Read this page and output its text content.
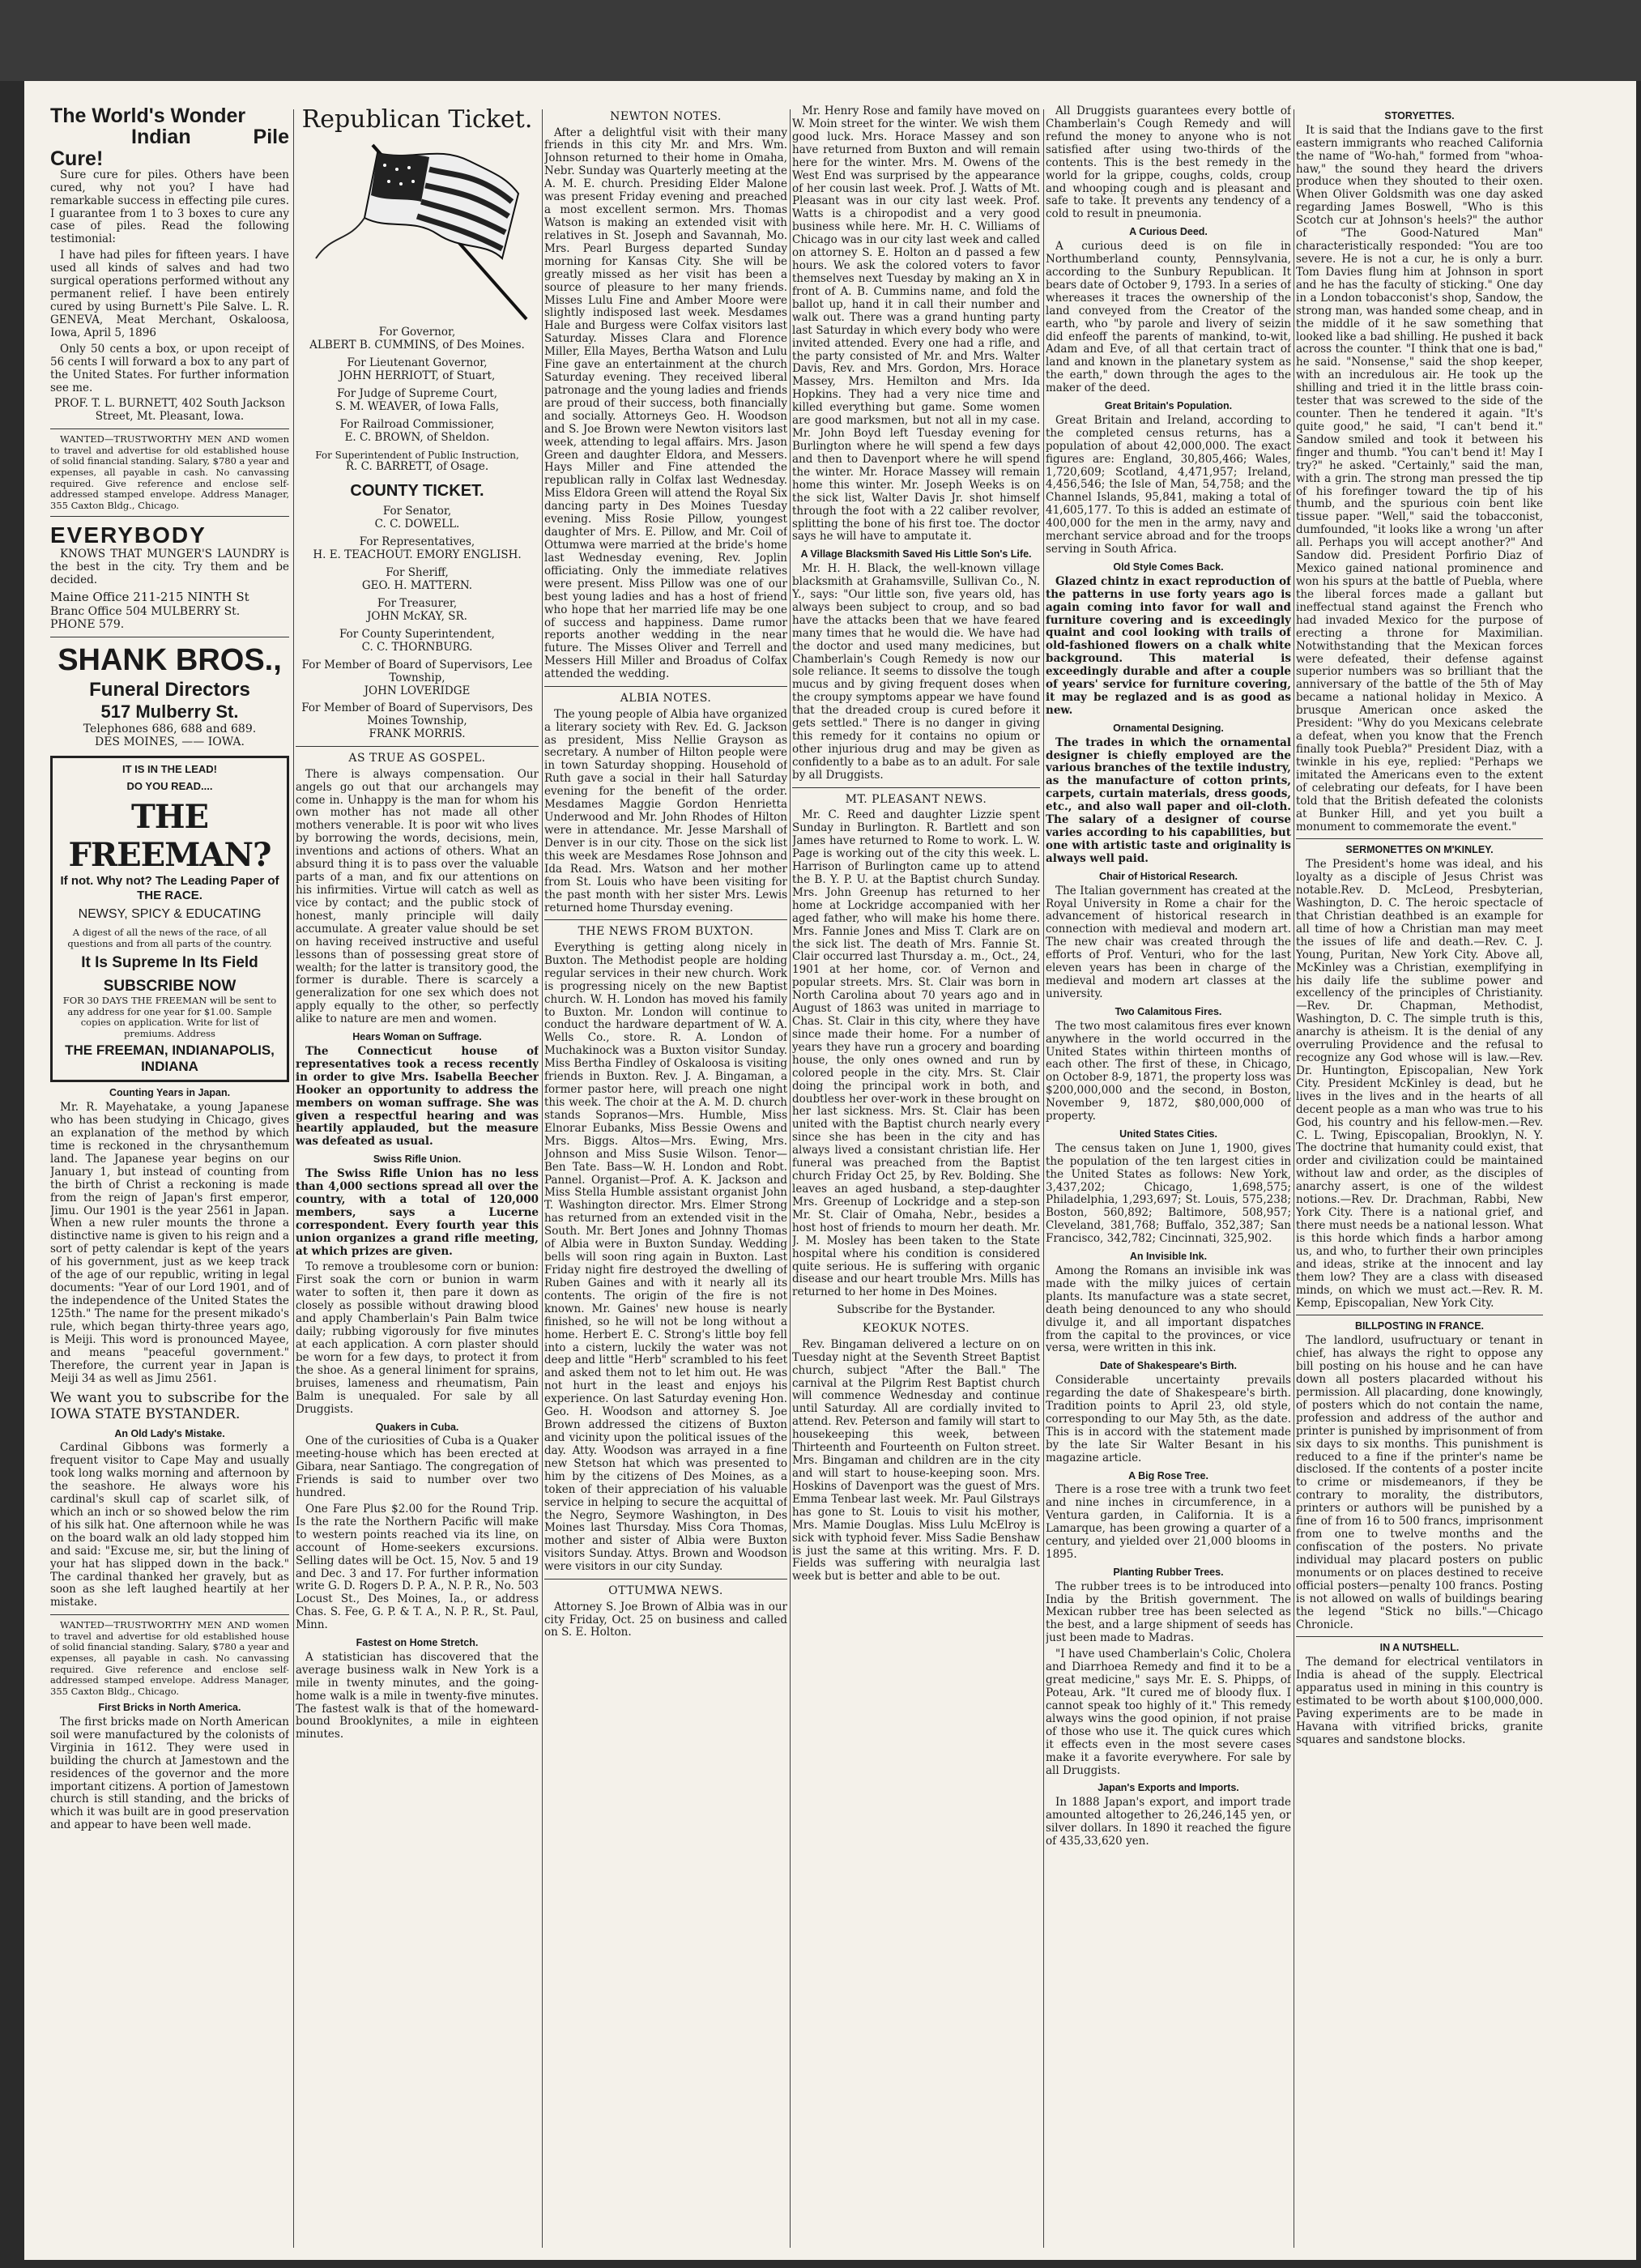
The World's Wonder
Indian Pile Cure!

Sure cure for piles. Others have been cured, why not you? I have had remarkable success in effecting pile cures. I guarantee from 1 to 3 boxes to cure any case of piles. Read the following testimonial:

I have had piles for fifteen years. I have used all kinds of salves and had two surgical operations performed without any permanent relief. I have been entirely cured by using Burnett's Pile Salve. L. R. GENEVA, Meat Merchant, Oskaloosa, Iowa, April 5, 1896

Only 50 cents a box, or upon receipt of 56 cents I will forward a box to any part of the United States. For further information see me.

PROF. T. L. BURNETT, 402 South Jackson Street, Mt. Pleasant, Iowa.

WANTED—TRUSTWORTHY MEN AND women to travel and advertise for old established house of solid financial standing. Salary, $780 a year and expenses, all payable in cash. No canvassing required. Give reference and enclose self-addressed stamped envelope. Address Manager, 355 Caxton Bldg., Chicago.

EVERYBODY

KNOWS THAT MUNGER'S LAUNDRY is the best in the city. Try them and be decided.

Maine Office 211-215 NINTH St
Branc Office 504 MULBERRY St.
PHONE 579.
SHANK BROS.,
Funeral Directors
517 Mulberry St.
Telephones 686, 688 and 689.
DES MOINES, —— IOWA.
IT IS IN THE LEAD!
DO YOU READ....
THE FREEMAN?
If not. Why not? The Leading Paper of THE RACE.
NEWSY, SPICY & EDUCATING
A digest of all the news of the race, of all questions and from all parts of the country.
It Is Supreme In Its Field
SUBSCRIBE NOW
FOR 30 DAYS THE FREEMAN will be sent to any address for one year for $1.00. Sample copies on application. Write for list of premiums. Address
THE FREEMAN, INDIANAPOLIS, INDIANA
Counting Years in Japan.

Mr. R. Mayehatake, a young Japanese who has been studying in Chicago, gives an explanation of the method by which time is reckoned in the chrysanthemum land. The Japanese year begins on our January 1, but instead of counting from the birth of Christ a reckoning is made from the reign of Japan's first emperor, Jimu. Our 1901 is the year 2561 in Japan. When a new ruler mounts the throne a distinctive name is given to his reign and a sort of petty calendar is kept of the years of his government, just as we keep track of the age of our republic, writing in legal documents: "Year of our Lord 1901, and of the independence of the United States the 125th." The name for the present mikado's rule, which began thirty-three years ago, is Meiji. This word is pronounced Mayee, and means "peaceful government." Therefore, the current year in Japan is Meiji 34 as well as Jimu 2561.

We want you to subscribe for the IOWA STATE BYSTANDER.
An Old Lady's Mistake.

Cardinal Gibbons was formerly a frequent visitor to Cape May and usually took long walks morning and afternoon by the seashore. He always wore his cardinal's skull cap of scarlet silk, of which an inch or so showed below the rim of his silk hat. One afternoon while he was on the board walk an old lady stopped him and said: "Excuse me, sir, but the lining of your hat has slipped down in the back." The cardinal thanked her gravely, but as soon as she left laughed heartily at her mistake.

WANTED—TRUSTWORTHY MEN AND women to travel and advertise for old established house of solid financial standing. Salary, $780 a year and expenses, all payable in cash. No canvassing required. Give reference and enclose self-addressed stamped envelope. Address Manager, 355 Caxton Bldg., Chicago.

First Bricks in North America.

The first bricks made on North American soil were manufactured by the colonists of Virginia in 1612. They were used in building the church at Jamestown and the residences of the governor and the more important citizens. A portion of Jamestown church is still standing, and the bricks of which it was built are in good preservation and appear to have been well made.

Republican Ticket.
For Governor,
ALBERT B. CUMMINS, of Des Moines.
For Lieutenant Governor,
JOHN HERRIOTT, of Stuart,
For Judge of Supreme Court,
S. M. WEAVER, of Iowa Falls,
For Railroad Commissioner,
E. C. BROWN, of Sheldon.
For Superintendent of Public Instruction,
R. C. BARRETT, of Osage.
COUNTY TICKET.
For Senator,
C. C. DOWELL.
For Representatives,
H. E. TEACHOUT. EMORY ENGLISH.
For Sheriff,
GEO. H. MATTERN.
For Treasurer,
JOHN McKAY, SR.
For County Superintendent,
C. C. THORNBURG.
For Member of Board of Supervisors, Lee Township,
JOHN LOVERIDGE
For Member of Board of Supervisors, Des Moines Township,
FRANK MORRIS.
AS TRUE AS GOSPEL.

There is always compensation. Our angels go out that our archangels may come in. Unhappy is the man for whom his own mother has not made all other mothers venerable. It is poor wit who lives by borrowing the words, decisions, mein, inventions and actions of others. What an absurd thing it is to pass over the valuable parts of a man, and fix our attentions on his infirmities. Virtue will catch as well as vice by contact; and the public stock of honest, manly principle will daily accumulate. A greater value should be set on having received instructive and useful lessons than of possessing great store of wealth; for the latter is transitory good, the former is durable. There is scarcely a generalization for one sex which does not apply equally to the other, so perfectly alike to nature are men and women.

Hears Woman on Suffrage.

The Connecticut house of representatives took a recess recently in order to give Mrs. Isabella Beecher Hooker an opportunity to address the members on woman suffrage. She was given a respectful hearing and was heartily applauded, but the measure was defeated as usual.

Swiss Rifle Union.

The Swiss Rifle Union has no less than 4,000 sections spread all over the country, with a total of 120,000 members, says a Lucerne correspondent. Every fourth year this union organizes a grand rifle meeting, at which prizes are given.

To remove a troublesome corn or bunion: First soak the corn or bunion in warm water to soften it, then pare it down as closely as possible without drawing blood and apply Chamberlain's Pain Balm twice daily; rubbing vigorously for five minutes at each application. A corn plaster should be worn for a few days, to protect it from the shoe. As a general liniment for sprains, bruises, lameness and rheumatism, Pain Balm is unequaled. For sale by all Druggists.

Quakers in Cuba.

One of the curiosities of Cuba is a Quaker meeting-house which has been erected at Gibara, near Santiago. The congregation of Friends is said to number over two hundred.

One Fare Plus $2.00 for the Round Trip. Is the rate the Northern Pacific will make to western points reached via its line, on account of Home-seekers excursions. Selling dates will be Oct. 15, Nov. 5 and 19 and Dec. 3 and 17. For further information write G. D. Rogers D. P. A., N. P. R., No. 503 Locust St., Des Moines, Ia., or address Chas. S. Fee, G. P. & T. A., N. P. R., St. Paul, Minn.

Fastest on Home Stretch.

A statistician has discovered that the average business walk in New York is a mile in twenty minutes, and the going-home walk is a mile in twenty-five minutes. The fastest walk is that of the homeward-bound Brooklynites, a mile in eighteen minutes.

NEWTON NOTES.

After a delightful visit with their many friends in this city Mr. and Mrs. Wm. Johnson returned to their home in Omaha, Nebr. Sunday was Quarterly meeting at the A. M. E. church. Presiding Elder Malone was present Friday evening and preached a most excellent sermon. Mrs. Thomas Watson is making an extended visit with relatives in St. Joseph and Savannah, Mo. Mrs. Pearl Burgess departed Sunday morning for Kansas City. She will be greatly missed as her visit has been a source of pleasure to her many friends. Misses Lulu Fine and Amber Moore were slightly indisposed last week. Mesdames Hale and Burgess were Colfax visitors last Saturday. Misses Clara and Florence Miller, Ella Mayes, Bertha Watson and Lulu Fine gave an entertainment at the church Saturday evening. They received liberal patronage and the young ladies and friends are proud of their success, both financially and socially. Attorneys Geo. H. Woodson and S. Joe Brown were Newton visitors last week, attending to legal affairs. Mrs. Jason Green and daughter Eldora, and Messers. Hays Miller and Fine attended the republican rally in Colfax last Wednesday. Miss Eldora Green will attend the Royal Six dancing party in Des Moines Tuesday evening. Miss Rosie Pillow, youngest daughter of Mrs. E. Pillow, and Mr. Coil of Ottumwa were married at the bride's home last Wednesday evening, Rev. Joplin officiating. Only the immediate relatives were present. Miss Pillow was one of our best young ladies and has a host of friend who hope that her married life may be one of success and happiness. Dame rumor reports another wedding in the near future. The Misses Oliver and Terrell and Messers Hill Miller and Broadus of Colfax attended the wedding.

ALBIA NOTES.

The young people of Albia have organized a literary society with Rev. Ed. G. Jackson as president, Miss Nellie Grayson as secretary. A number of Hilton people were in town Saturday shopping. Household of Ruth gave a social in their hall Saturday evening for the benefit of the order. Mesdames Maggie Gordon Henrietta Underwood and Mr. John Rhodes of Hilton were in attendance. Mr. Jesse Marshall of Denver is in our city. Those on the sick list this week are Mesdames Rose Johnson and Ida Read. Mrs. Watson and her mother from St. Louis who have been visiting for the past month with her sister Mrs. Lewis returned home Thursday evening.

THE NEWS FROM BUXTON.

Everything is getting along nicely in Buxton. The Methodist people are holding regular services in their new church. Work is progressing nicely on the new Baptist church. W. H. London has moved his family to Buxton. Mr. London will continue to conduct the hardware department of W. A. Wells Co., store. R. A. London of Muchakinock was a Buxton visitor Sunday. Miss Bertha Findley of Oskaloosa is visiting friends in Buxton. Rev. J. A. Bingaman, a former pastor here, will preach one night this week. The choir at the A. M. D. church stands Sopranos—Mrs. Humble, Miss Elnorar Eubanks, Miss Bessie Owens and Mrs. Biggs. Altos—Mrs. Ewing, Mrs. Johnson and Miss Susie Wilson. Tenor—Ben Tate. Bass—W. H. London and Robt. Pannel. Organist—Prof. A. K. Jackson and Miss Stella Humble assistant organist John T. Washington director. Mrs. Elmer Strong has returned from an extended visit in the South. Mr. Bert Jones and Johnny Thomas of Albia were in Buxton Sunday. Wedding bells will soon ring again in Buxton. Last Friday night fire destroyed the dwelling of Ruben Gaines and with it nearly all its contents. The origin of the fire is not known. Mr. Gaines' new house is nearly finished, so he will not be long without a home. Herbert E. C. Strong's little boy fell into a cistern, luckily the water was not deep and little "Herb" scrambled to his feet and asked them not to let him out. He was not hurt in the least and enjoys his experience. On last Saturday evening Hon. Geo. H. Woodson and attorney S. Joe Brown addressed the citizens of Buxton and vicinity upon the political issues of the day. Atty. Woodson was arrayed in a fine new Stetson hat which was presented to him by the citizens of Des Moines, as a token of their appreciation of his valuable service in helping to secure the acquittal of the Negro, Seymore Washington, in Des Moines last Thursday. Miss Cora Thomas, mother and sister of Albia were Buxton visitors Sunday. Attys. Brown and Woodson were visitors in our city Sunday.

OTTUMWA NEWS.

Attorney S. Joe Brown of Albia was in our city Friday, Oct. 25 on business and called on S. E. Holton.

Mr. Henry Rose and family have moved on W. Moin street for the winter. We wish them good luck. Mrs. Horace Massey and son have returned from Buxton and will remain here for the winter. Mrs. M. Owens of the West End was surprised by the appearance of her cousin last week. Prof. J. Watts of Mt. Pleasant was in our city last week. Prof. Watts is a chiropodist and a very good business while here. Mr. H. C. Williams of Chicago was in our city last week and called on attorney S. E. Holton an d passed a few hours. We ask the colored voters to favor themselves next Tuesday by making an X in front of A. B. Cummins name, and fold the ballot up, hand it in call their number and walk out. There was a grand hunting party last Saturday in which every body who were invited attended. Every one had a rifle, and the party consisted of Mr. and Mrs. Walter Davis, Rev. and Mrs. Gordon, Mrs. Horace Massey, Mrs. Hemilton and Mrs. Ida Hopkins. They had a very nice time and killed everything but game. Some women are good marksmen, but not all in my case. Mr. John Boyd left Tuesday evening for Burlington where he will spend a few days and then to Davenport where he will spend the winter. Mr. Horace Massey will remain home this winter. Mr. Joseph Weeks is on the sick list, Walter Davis Jr. shot himself through the foot with a 22 caliber revolver, splitting the bone of his first toe. The doctor says he will have to amputate it.

A Village Blacksmith Saved His Little Son's Life.

Mr. H. H. Black, the well-known village blacksmith at Grahamsville, Sullivan Co., N. Y., says: "Our little son, five years old, has always been subject to croup, and so bad have the attacks been that we have feared many times that he would die. We have had the doctor and used many medicines, but Chamberlain's Cough Remedy is now our sole reliance. It seems to dissolve the tough mucus and by giving frequent doses when the croupy symptoms appear we have found that the dreaded croup is cured before it gets settled." There is no danger in giving this remedy for it contains no opium or other injurious drug and may be given as confidently to a babe as to an adult. For sale by all Druggists.

MT. PLEASANT NEWS.

Mr. C. Reed and daughter Lizzie spent Sunday in Burlington. R. Bartlett and son James have returned to Rome to work. L. W. Page is working out of the city this week. L. Harrison of Burlington came up to attend the B. Y. P. U. at the Baptist church Sunday. Mrs. John Greenup has returned to her home at Lockridge accompanied with her aged father, who will make his home there. Mrs. Fannie Jones and Miss T. Clark are on the sick list. The death of Mrs. Fannie St. Clair occurred last Thursday a. m., Oct., 24, 1901 at her home, cor. of Vernon and popular streets. Mrs. St. Clair was born in North Carolina about 70 years ago and in August of 1863 was united in marriage to Chas. St. Clair in this city, where they have since made their home. For a number of years they have run a grocery and boarding house, the only ones owned and run by colored people in the city. Mrs. St. Clair doing the principal work in both, and doubtless her over-work in these brought on her last sickness. Mrs. St. Clair has been united with the Baptist church nearly every since she has been in the city and has always lived a consistant christian life. Her funeral was preached from the Baptist church Friday Oct 25, by Rev. Bolding. She leaves an aged husband, a step-daughter Mrs. Greenup of Lockridge and a step-son Mr. St. Clair of Omaha, Nebr., besides a host host of friends to mourn her death. Mr. J. M. Mosley has been taken to the State hospital where his condition is considered quite serious. He is suffering with organic disease and our heart trouble Mrs. Mills has returned to her home in Des Moines.

Subscribe for the Bystander.
KEOKUK NOTES.

Rev. Bingaman delivered a lecture on on Tuesday night at the Seventh Street Baptist church, subject "After the Ball." The carnival at the Pilgrim Rest Baptist church will commence Wednesday and continue until Saturday. All are cordially invited to attend. Rev. Peterson and family will start to housekeeping this week, between Thirteenth and Fourteenth on Fulton street. Mrs. Bingaman and children are in the city and will start to house-keeping soon. Mrs. Hoskins of Davenport was the guest of Mrs. Emma Tenbear last week. Mr. Paul Gilstrays has gone to St. Louis to visit his mother, Mrs. Mamie Douglas. Miss Lulu McElroy is sick with typhoid fever. Miss Sadie Benshaw is just the same at this writing. Mrs. F. D. Fields was suffering with neuralgia last week but is better and able to be out.

All Druggists guarantees every bottle of Chamberlain's Cough Remedy and will refund the money to anyone who is not satisfied after using two-thirds of the contents. This is the best remedy in the world for la grippe, coughs, colds, croup and whooping cough and is pleasant and safe to take. It prevents any tendency of a cold to result in pneumonia.

A Curious Deed.

A curious deed is on file in Northumberland county, Pennsylvania, according to the Sunbury Republican. It bears date of October 9, 1793. In a series of whereases it traces the ownership of the land conveyed from the Creator of the earth, who "by parole and livery of seizin did enfeoff the parents of mankind, to-wit, Adam and Eve, of all that certain tract of land and known in the planetary system as the earth," down through the ages to the maker of the deed.

Great Britain's Population.

Great Britain and Ireland, according to the completed census returns, has a population of about 42,000,000. The exact figures are: England, 30,805,466; Wales, 1,720,609; Scotland, 4,471,957; Ireland, 4,456,546; the Isle of Man, 54,758; and the Channel Islands, 95,841, making a total of 41,605,177. To this is added an estimate of 400,000 for the men in the army, navy and merchant service abroad and for the troops serving in South Africa.

Old Style Comes Back.

Glazed chintz in exact reproduction of the patterns in use forty years ago is again coming into favor for wall and furniture covering and is exceedingly quaint and cool looking with trails of old-fashioned flowers on a chalk white background. This material is exceedingly durable and after a couple of years' service for furniture covering, it may be reglazed and is as good as new.

Ornamental Designing.

The trades in which the ornamental designer is chiefly employed are the various branches of the textile industry, as the manufacture of cotton prints, carpets, curtain materials, dress goods, etc., and also wall paper and oil-cloth. The salary of a designer of course varies according to his capabilities, but one with artistic taste and originality is always well paid.

Chair of Historical Research.

The Italian government has created at the Royal University in Rome a chair for the advancement of historical research in connection with medieval and modern art. The new chair was created through the efforts of Prof. Venturi, who for the last eleven years has been in charge of the medieval and modern art classes at the university.

Two Calamitous Fires.

The two most calamitous fires ever known anywhere in the world occurred in the United States within thirteen months of each other. The first of these, in Chicago, on October 8-9, 1871, the property loss was $200,000,000 and the second, in Boston, November 9, 1872, $80,000,000 of property.

United States Cities.

The census taken on June 1, 1900, gives the population of the ten largest cities in the United States as follows: New York, 3,437,202; Chicago, 1,698,575; Philadelphia, 1,293,697; St. Louis, 575,238; Boston, 560,892; Baltimore, 508,957; Cleveland, 381,768; Buffalo, 352,387; San Francisco, 342,782; Cincinnati, 325,902.

An Invisible Ink.

Among the Romans an invisible ink was made with the milky juices of certain plants. Its manufacture was a state secret, death being denounced to any who should divulge it, and all important dispatches from the capital to the provinces, or vice versa, were written in this ink.

Date of Shakespeare's Birth.

Considerable uncertainty prevails regarding the date of Shakespeare's birth. Tradition points to April 23, old style, corresponding to our May 5th, as the date. This is in accord with the statement made by the late Sir Walter Besant in his magazine article.

A Big Rose Tree.

There is a rose tree with a trunk two feet and nine inches in circumference, in a Ventura garden, in California. It is a Lamarque, has been growing a quarter of a century, and yielded over 21,000 blooms in 1895.

Planting Rubber Trees.

The rubber trees is to be introduced into India by the British government. The Mexican rubber tree has been selected as the best, and a large shipment of seeds has just been made to Madras.

"I have used Chamberlain's Colic, Cholera and Diarrhoea Remedy and find it to be a great medicine," says Mr. E. S. Phipps, of Poteau, Ark. "It cured me of bloody flux. I cannot speak too highly of it." This remedy always wins the good opinion, if not praise of those who use it. The quick cures which it effects even in the most severe cases make it a favorite everywhere. For sale by all Druggists.

Japan's Exports and Imports.

In 1888 Japan's export, and import trade amounted altogether to 26,246,145 yen, or silver dollars. In 1890 it reached the figure of 435,33,620 yen.

STORYETTES.

It is said that the Indians gave to the first eastern immigrants who reached California the name of "Wo-hah," formed from "whoa-haw," the sound they heard the drivers produce when they shouted to their oxen. When Oliver Goldsmith was one day asked regarding James Boswell, "Who is this Scotch cur at Johnson's heels?" the author of "The Good-Natured Man" characteristically responded: "You are too severe. He is not a cur, he is only a burr. Tom Davies flung him at Johnson in sport and he has the faculty of sticking." One day in a London tobacconist's shop, Sandow, the strong man, was handed some cheap, and in the middle of it he saw something that looked like a bad shilling. He pushed it back across the counter. "I think that one is bad," he said. "Nonsense," said the shop keeper, with an incredulous air. He took up the shilling and tried it in the little brass coin-tester that was screwed to the side of the counter. Then he tendered it again. "It's quite good," he said, "I can't bend it." Sandow smiled and took it between his finger and thumb. "You can't bend it! May I try?" he asked. "Certainly," said the man, with a grin. The strong man pressed the tip of his forefinger toward the tip of his thumb, and the spurious coin bent like tissue paper. "Well," said the tobacconist, dumfounded, "it looks like a wrong 'un after all. Perhaps you will accept another?" And Sandow did. President Porfirio Diaz of Mexico gained national prominence and won his spurs at the battle of Puebla, where the liberal forces made a gallant but ineffectual stand against the French who had invaded Mexico for the purpose of erecting a throne for Maximilian. Notwithstanding that the Mexican forces were defeated, their defense against superior numbers was so brilliant that the anniversary of the battle of the 5th of May became a national holiday in Mexico. A brusque American once asked the President: "Why do you Mexicans celebrate a defeat, when you know that the French finally took Puebla?" President Diaz, with a twinkle in his eye, replied: "Perhaps we imitated the Americans even to the extent of celebrating our defeats, for I have been told that the British defeated the colonists at Bunker Hill, and yet you built a monument to commemorate the event."

SERMONETTES ON M'KINLEY.

The President's home was ideal, and his loyalty as a disciple of Jesus Christ was notable.Rev. D. McLeod, Presbyterian, Washington, D. C. The heroic spectacle of that Christian deathbed is an example for all time of how a Christian man may meet the issues of life and death.—Rev. C. J. Young, Puritan, New York City. Above all, McKinley was a Christian, exemplifying in his daily life the sublime power and excellency of the principles of Christianity.—Rev. Dr. Chapman, Methodist, Washington, D. C. The simple truth is this, anarchy is atheism. It is the denial of any overruling Providence and the refusal to recognize any God whose will is law.—Rev. Dr. Huntington, Episcopalian, New York City. President McKinley is dead, but he lives in the lives and in the hearts of all decent people as a man who was true to his God, his country and his fellow-men.—Rev. C. L. Twing, Episcopalian, Brooklyn, N. Y. The doctrine that humanity could exist, that order and civilization could be maintained without law and order, as the disciples of anarchy assert, is one of the wildest notions.—Rev. Dr. Drachman, Rabbi, New York City. There is a national grief, and there must needs be a national lesson. What is this horde which finds a harbor among us, and who, to further their own principles and ideas, strike at the innocent and lay them low? They are a class with diseased minds, on which we must act.—Rev. R. M. Kemp, Episcopalian, New York City.

BILLPOSTING IN FRANCE.

The landlord, usufructuary or tenant in chief, has always the right to oppose any bill posting on his house and he can have down all posters placarded without his permission. All placarding, done knowingly, of posters which do not contain the name, profession and address of the author and printer is punished by imprisonment of from six days to six months. This punishment is reduced to a fine if the printer's name be disclosed. If the contents of a poster incite to crime or misdemeanors, if they be contrary to morality, the distributors, printers or authors will be punished by a fine of from 16 to 500 francs, imprisonment from one to twelve months and the confiscation of the posters. No private individual may placard posters on public monuments or on places destined to receive official posters—penalty 100 francs. Posting is not allowed on walls of buildings bearing the legend "Stick no bills."—Chicago Chronicle.

IN A NUTSHELL.

The demand for electrical ventilators in India is ahead of the supply. Electrical apparatus used in mining in this country is estimated to be worth about $100,000,000. Paving experiments are to be made in Havana with vitrified bricks, granite squares and sandstone blocks.
